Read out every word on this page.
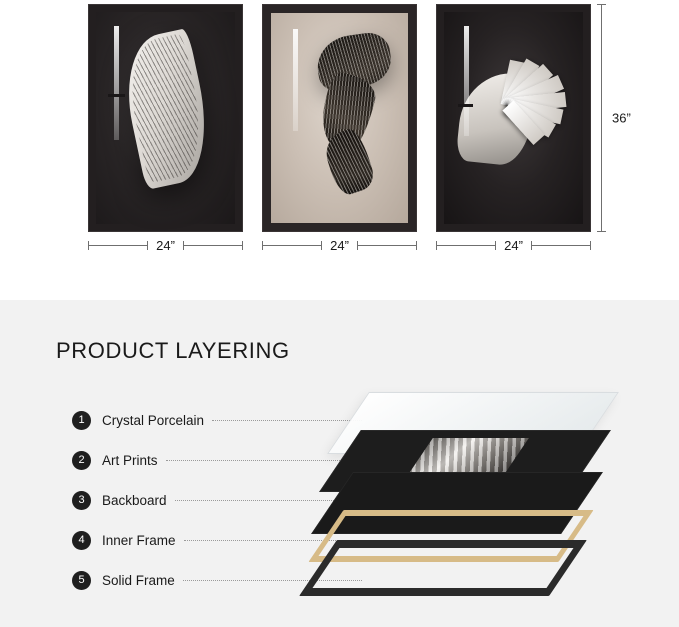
24”	24”	24”
36”
PRODUCT LAYERING
1	Crystal Porcelain
2	Art Prints
3	Backboard
4	Inner Frame
5	Solid Frame
